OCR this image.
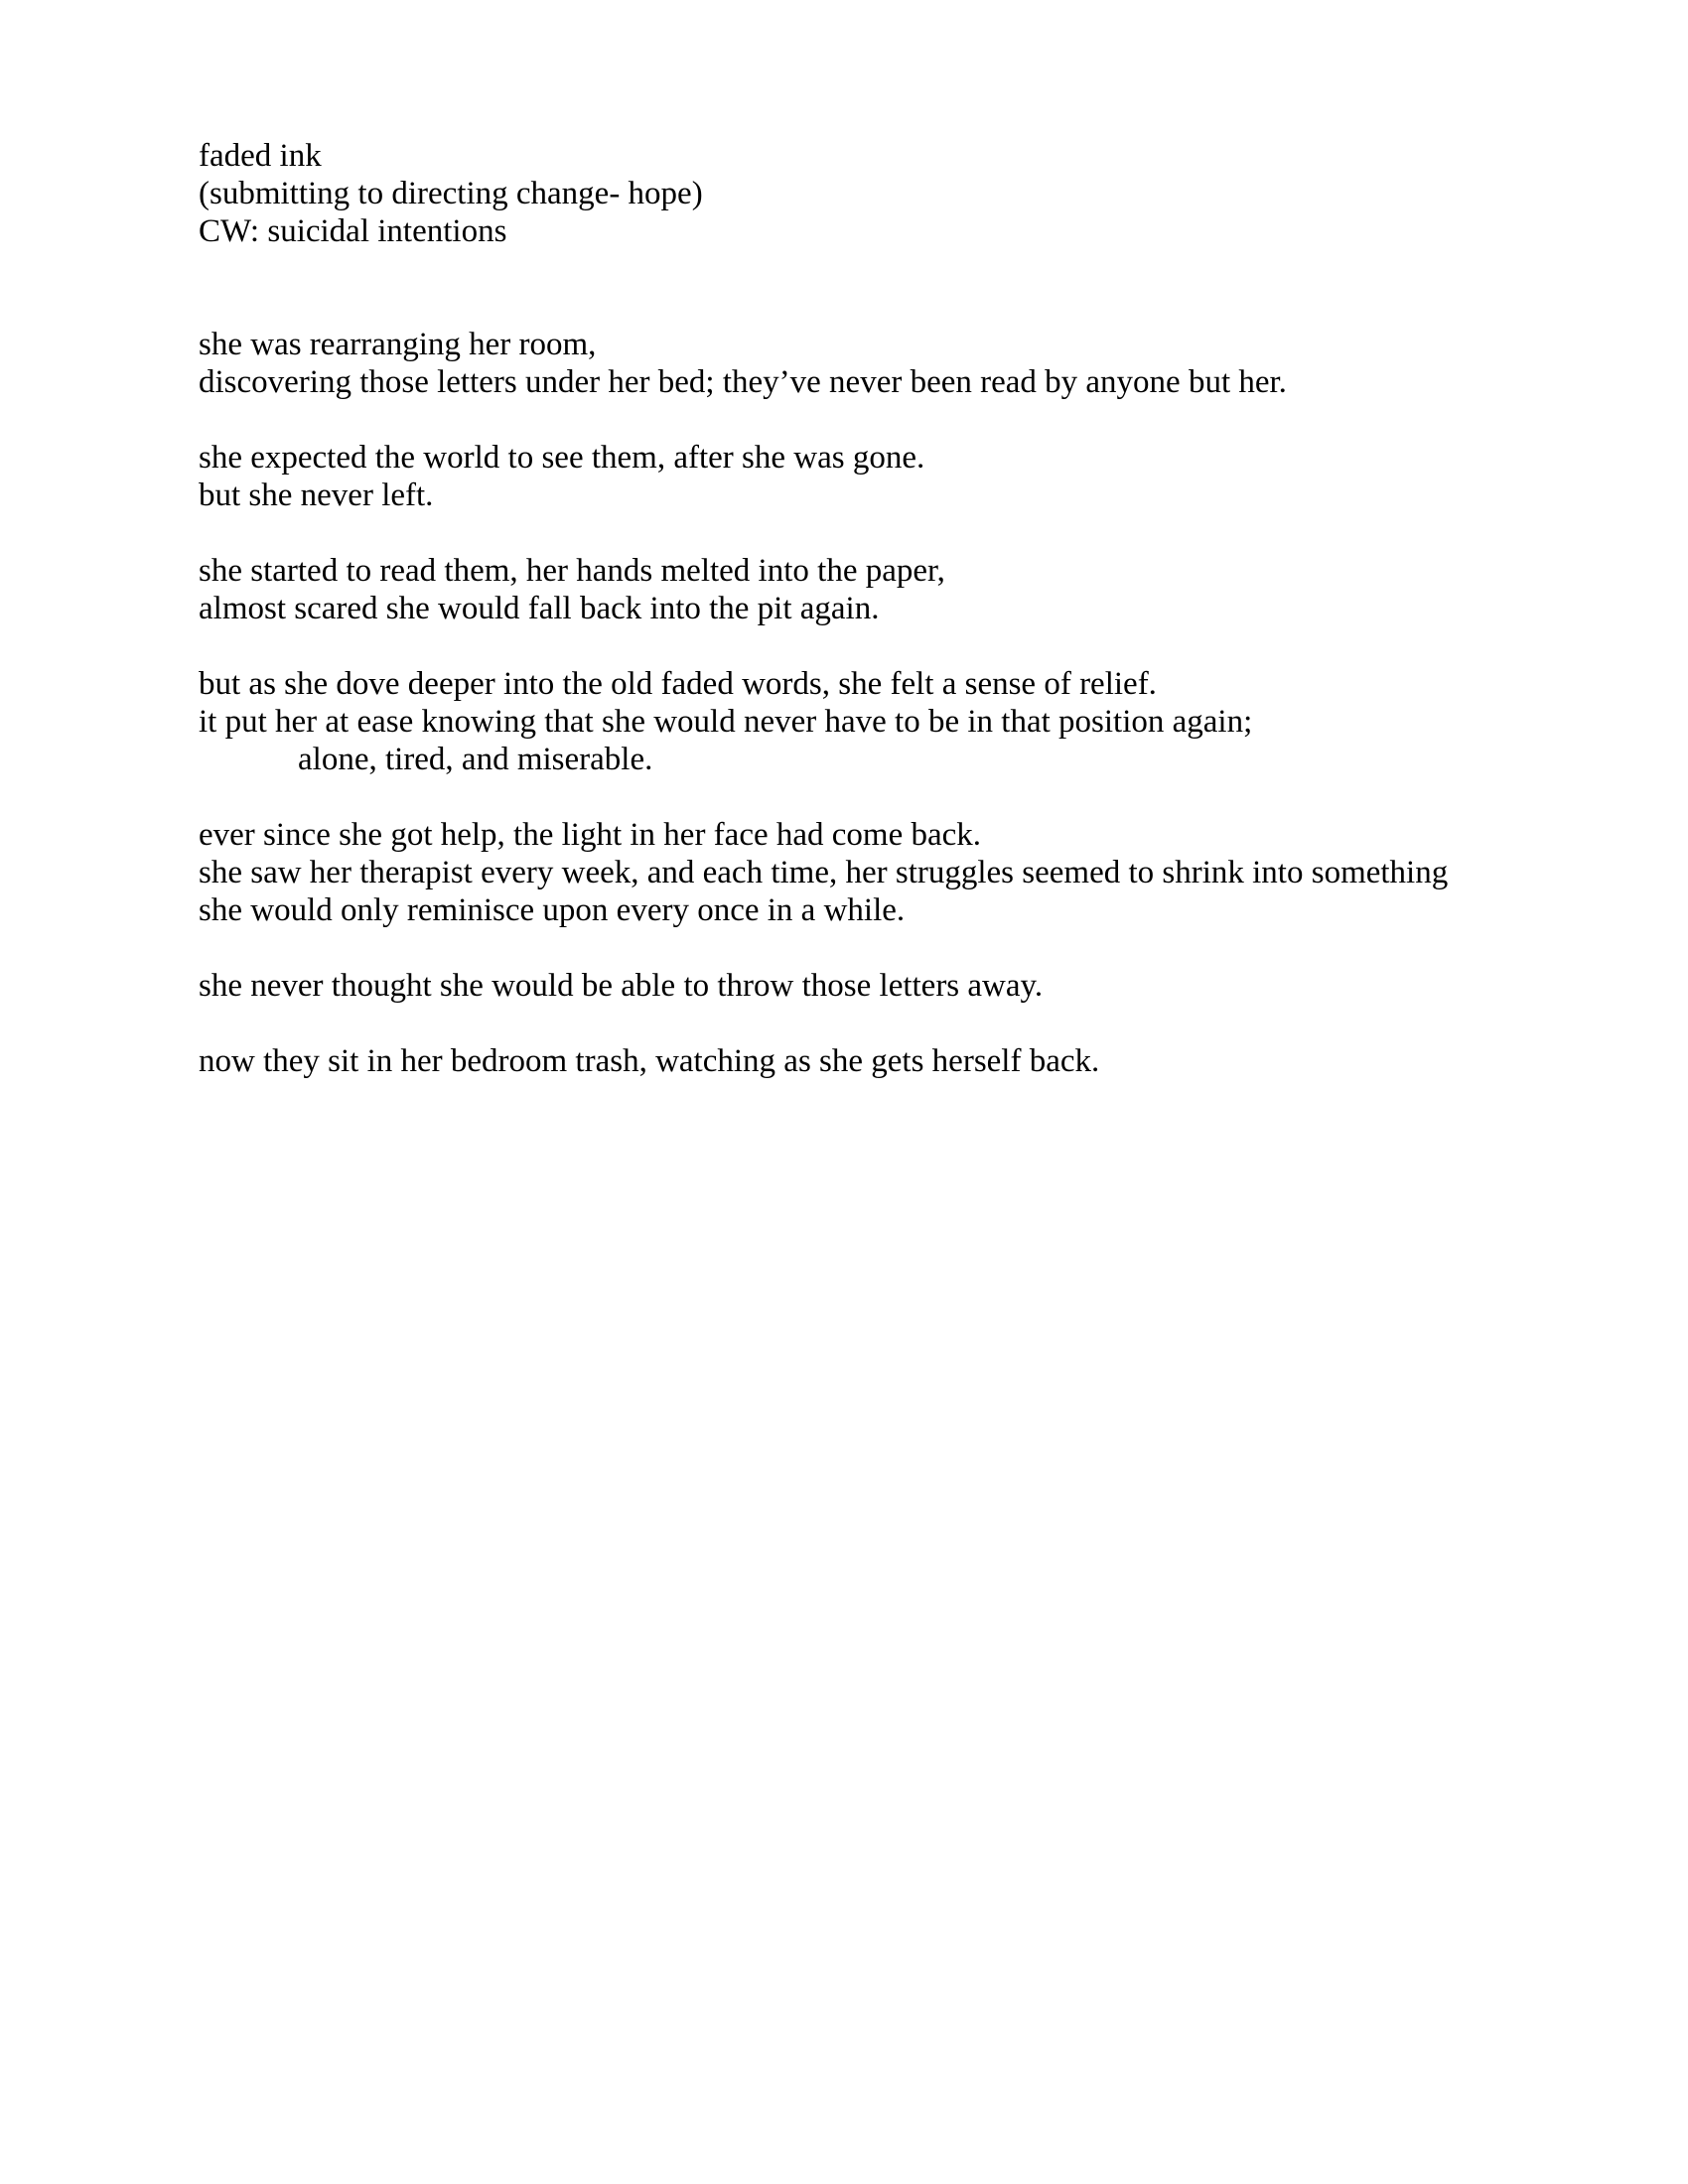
faded ink
(submitting to directing change- hope)
CW: suicidal intentions
she was rearranging her room,
discovering those letters under her bed; they’ve never been read by anyone but her.
she expected the world to see them, after she was gone.
but she never left.
she started to read them, her hands melted into the paper,
almost scared she would fall back into the pit again.
but as she dove deeper into the old faded words, she felt a sense of relief.
it put her at ease knowing that she would never have to be in that position again;
alone, tired, and miserable.
ever since she got help, the light in her face had come back.
she saw her therapist every week, and each time, her struggles seemed to shrink into something
she would only reminisce upon every once in a while.
she never thought she would be able to throw those letters away.
now they sit in her bedroom trash, watching as she gets herself back.
